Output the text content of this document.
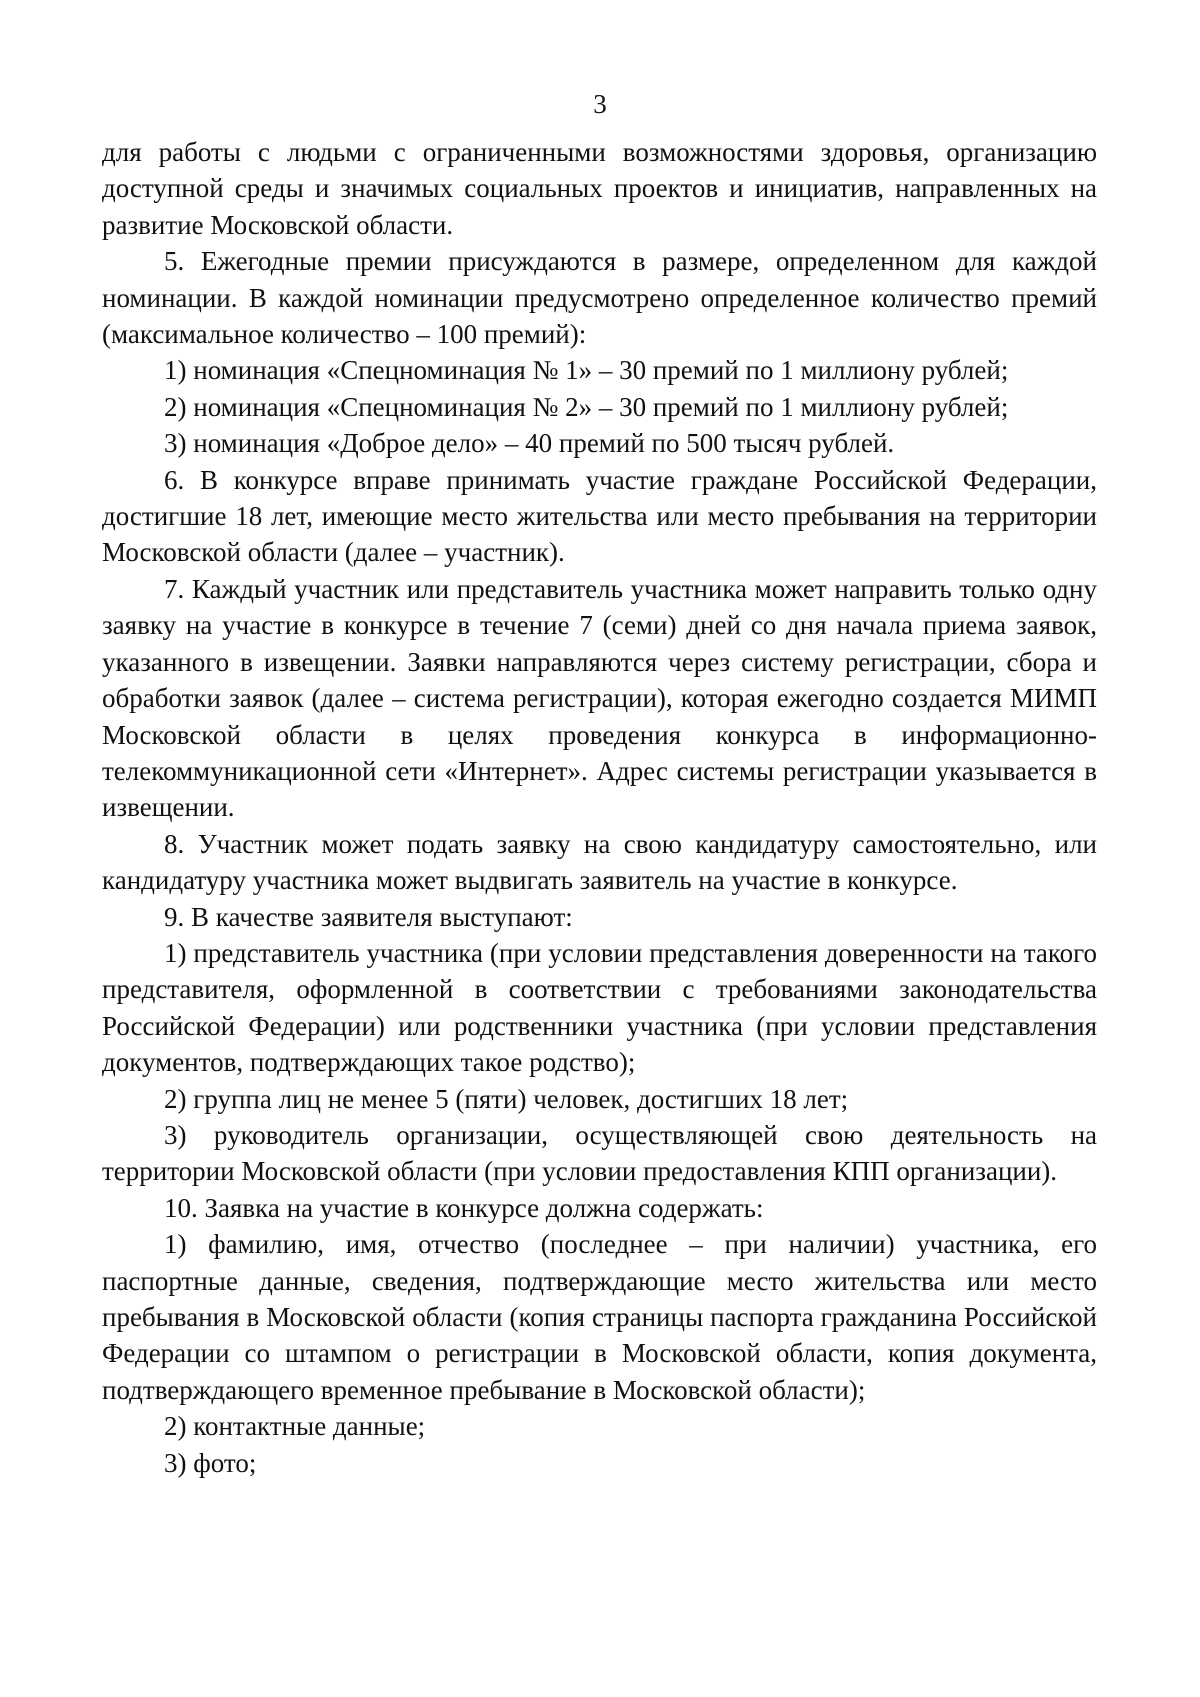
3

для работы с людьми с ограниченными возможностями здоровья, организацию доступной среды и значимых социальных проектов и инициатив, направленных на развитие Московской области.

5. Ежегодные премии присуждаются в размере, определенном для каждой номинации. В каждой номинации предусмотрено определенное количество премий (максимальное количество – 100 премий):

1) номинация «Спецноминация № 1» – 30 премий по 1 миллиону рублей;

2) номинация «Спецноминация № 2» – 30 премий по 1 миллиону рублей;

3) номинация «Доброе дело» – 40 премий по 500 тысяч рублей.

6. В конкурсе вправе принимать участие граждане Российской Федерации, достигшие 18 лет, имеющие место жительства или место пребывания на территории Московской области (далее – участник).

7. Каждый участник или представитель участника может направить только одну заявку на участие в конкурсе в течение 7 (семи) дней со дня начала приема заявок, указанного в извещении. Заявки направляются через систему регистрации, сбора и обработки заявок (далее – система регистрации), которая ежегодно создается МИМП Московской области в целях проведения конкурса в информационно-телекоммуникационной сети «Интернет». Адрес системы регистрации указывается в извещении.

8. Участник может подать заявку на свою кандидатуру самостоятельно, или кандидатуру участника может выдвигать заявитель на участие в конкурсе.

9. В качестве заявителя выступают:

1) представитель участника (при условии представления доверенности на такого представителя, оформленной в соответствии с требованиями законодательства Российской Федерации) или родственники участника (при условии представления документов, подтверждающих такое родство);

2) группа лиц не менее 5 (пяти) человек, достигших 18 лет;

3) руководитель организации, осуществляющей свою деятельность на территории Московской области (при условии предоставления КПП организации).

10. Заявка на участие в конкурсе должна содержать:

1) фамилию, имя, отчество (последнее – при наличии) участника, его паспортные данные, сведения, подтверждающие место жительства или место пребывания в Московской области (копия страницы паспорта гражданина Российской Федерации со штампом о регистрации в Московской области, копия документа, подтверждающего временное пребывание в Московской области);

2) контактные данные;

3) фото;
